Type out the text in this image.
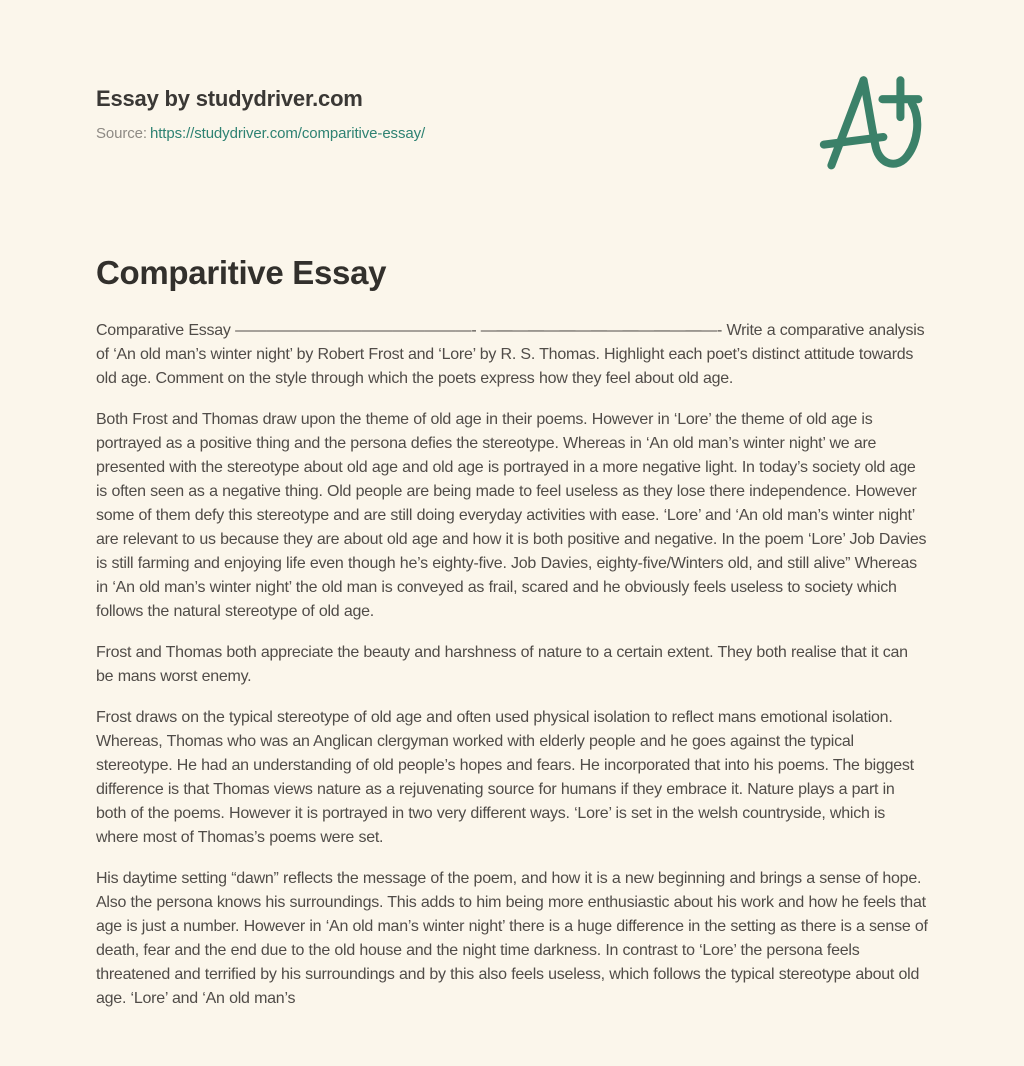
Essay by studydriver.com

Source: https://studydriver.com/comparitive-essay/

Comparitive Essay

Comparative Essay ———————————————- ———————————————- Write a comparative analysis of ‘An old man’s winter night’ by Robert Frost and ‘Lore’ by R. S. Thomas. Highlight each poet’s distinct attitude towards old age. Comment on the style through which the poets express how they feel about old age.

Both Frost and Thomas draw upon the theme of old age in their poems. However in ‘Lore’ the theme of old age is portrayed as a positive thing and the persona defies the stereotype. Whereas in ‘An old man’s winter night’ we are presented with the stereotype about old age and old age is portrayed in a more negative light. In today’s society old age is often seen as a negative thing. Old people are being made to feel useless as they lose there independence. However some of them defy this stereotype and are still doing everyday activities with ease. ‘Lore’ and ‘An old man’s winter night’ are relevant to us because they are about old age and how it is both positive and negative. In the poem ‘Lore’ Job Davies is still farming and enjoying life even though he’s eighty-five. Job Davies, eighty-five/Winters old, and still alive” Whereas in ‘An old man’s winter night’ the old man is conveyed as frail, scared and he obviously feels useless to society which follows the natural stereotype of old age.

Frost and Thomas both appreciate the beauty and harshness of nature to a certain extent. They both realise that it can be mans worst enemy.

Frost draws on the typical stereotype of old age and often used physical isolation to reflect mans emotional isolation. Whereas, Thomas who was an Anglican clergyman worked with elderly people and he goes against the typical stereotype. He had an understanding of old people’s hopes and fears. He incorporated that into his poems. The biggest difference is that Thomas views nature as a rejuvenating source for humans if they embrace it. Nature plays a part in both of the poems. However it is portrayed in two very different ways. ‘Lore’ is set in the welsh countryside, which is where most of Thomas’s poems were set.

His daytime setting “dawn” reflects the message of the poem, and how it is a new beginning and brings a sense of hope. Also the persona knows his surroundings. This adds to him being more enthusiastic about his work and how he feels that age is just a number. However in ‘An old man’s winter night’ there is a huge difference in the setting as there is a sense of death, fear and the end due to the old house and the night time darkness. In contrast to ‘Lore’ the persona feels threatened and terrified by his surroundings and by this also feels useless, which follows the typical stereotype about old age. ‘Lore’ and ‘An old man’s
